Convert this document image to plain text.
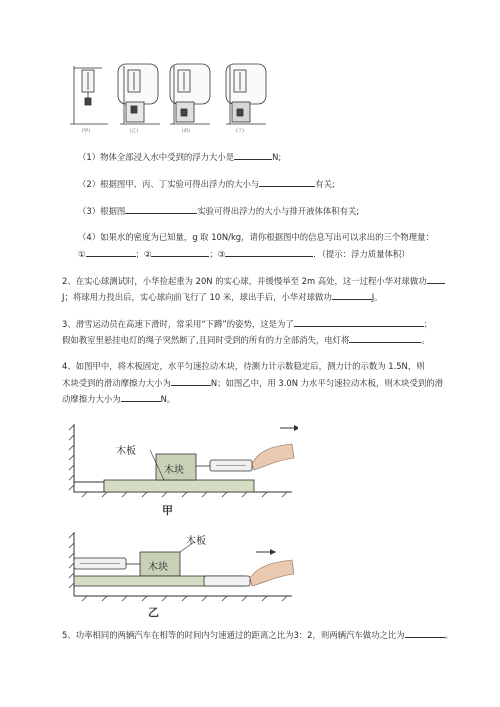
(甲)	(乙)	(丙)	(丁)
（1）物体全部浸入水中受到的浮力大小是	N;
（2）根据图甲、丙、丁实验可得出浮力的大小与	有关;
（3）根据图	实验可得出浮力的大小与排开液体体积有关;
（4）如果水的密度为已知量，g 取 10N/kg，请你根据图中的信息写出可以求出的三个物理量：
①	；②	；③	．（提示：浮力质量体积）
2、在实心球测试时，小华捡起重为 20N 的实心球，并缓慢举至 2m 高处，这一过程小华对球做功
J；将球用力投出后，实心球向前飞行了 10 米，球出手后，小华对球做功	J。
3、滑雪运动员在高速下滑时，常采用“下蹲”的姿势，这是为了	；
假如教室里悬挂电灯的绳子突然断了,且同时受到的所有的力全部消失，电灯将	。
4、如图甲中，将木板固定，水平匀速拉动木块，待测力计示数稳定后，测力计的示数为 1.5N，则
木块受到的滑动摩擦力大小为	N；如图乙中，用 3.0N 力水平匀速拉动木板，则木块受到的滑
动摩擦力大小为	N。
木板
木块
甲
木块
木板
乙
5、功率相同的两辆汽车在相等的时间内匀速通过的距离之比为3：2，则两辆汽车做功之比为	。
